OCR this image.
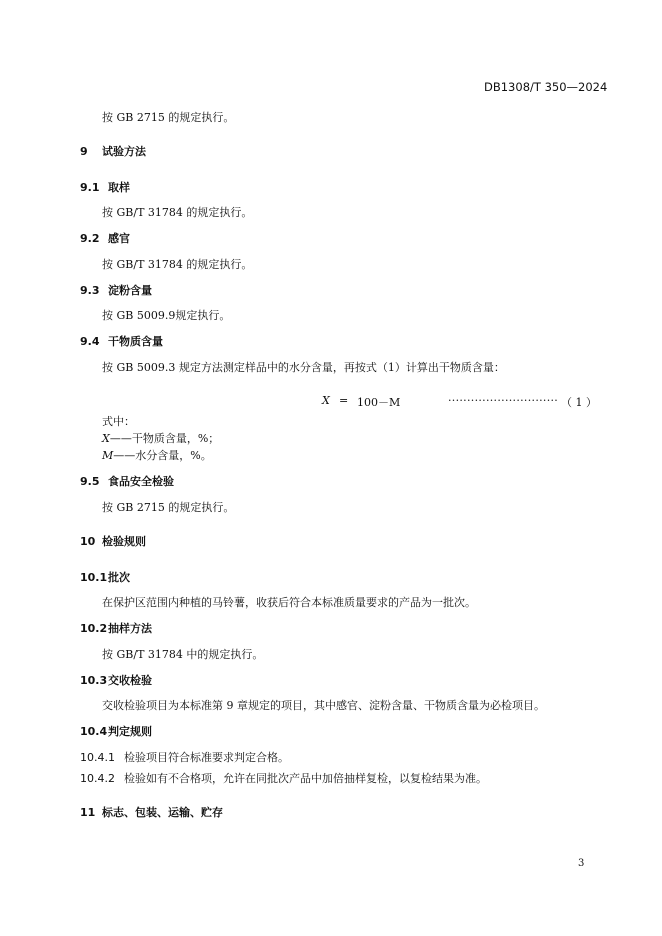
DB1308/T 350—2024
按 GB 2715 的规定执行。
9 试验方法
9.1 取样
按 GB/T 31784 的规定执行。
9.2 感官
按 GB/T 31784 的规定执行。
9.3 淀粉含量
按 GB 5009.9规定执行。
9.4 干物质含量
按 GB 5009.3 规定方法测定样品中的水分含量，再按式（1）计算出干物质含量：
X = 100－M	····························· （ 1 ）
式中：
X——干物质含量，%；
M——水分含量，%。
9.5 食品安全检验
按 GB 2715 的规定执行。
10 检验规则
10.1批次
在保护区范围内种植的马铃薯，收获后符合本标准质量要求的产品为一批次。
10.2抽样方法
按 GB/T 31784 中的规定执行。
10.3交收检验
交收检验项目为本标准第 9 章规定的项目，其中感官、淀粉含量、干物质含量为必检项目。
10.4判定规则
10.4.1 检验项目符合标准要求判定合格。
10.4.2 检验如有不合格项，允许在同批次产品中加倍抽样复检，以复检结果为准。
11 标志、包装、运输、贮存
3
